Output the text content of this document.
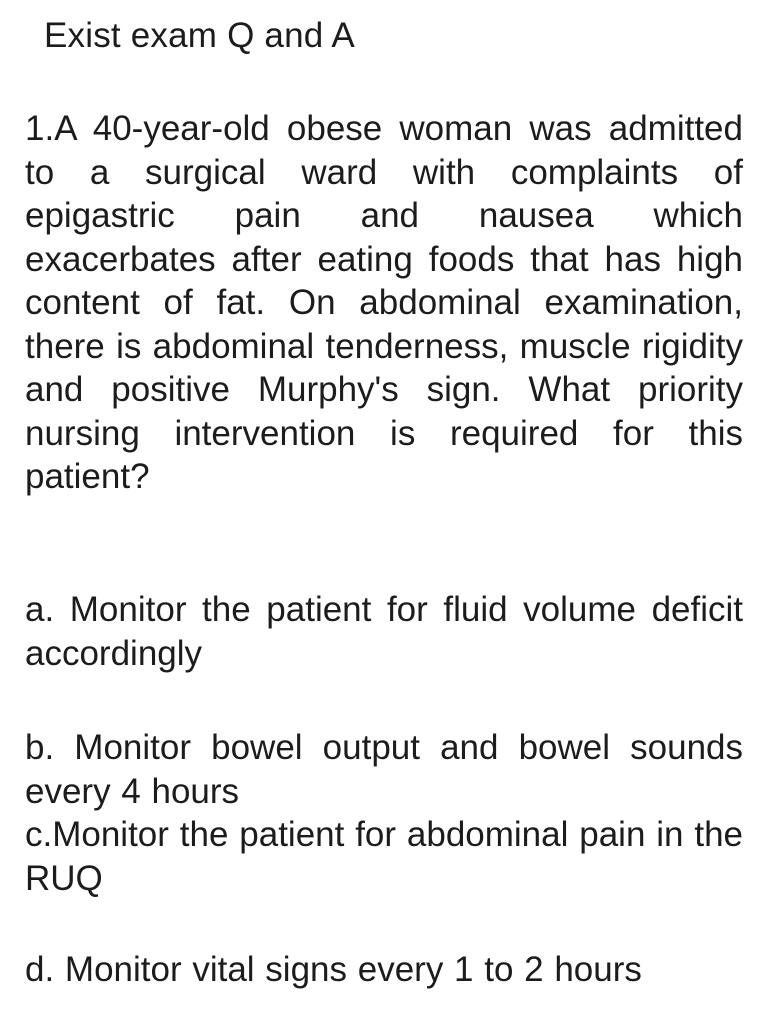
Exist exam Q and A
1.A 40-year-old obese woman was admitted to a surgical ward with complaints of epigastric pain and nausea which exacerbates after eating foods that has high content of fat. On abdominal examination, there is abdominal tenderness, muscle rigidity and positive Murphy's sign. What priority nursing intervention is required for this patient?
a. Monitor the patient for fluid volume deficit accordingly
b. Monitor bowel output and bowel sounds every 4 hours
c.Monitor the patient for abdominal pain in the RUQ
d. Monitor vital signs every 1 to 2 hours
